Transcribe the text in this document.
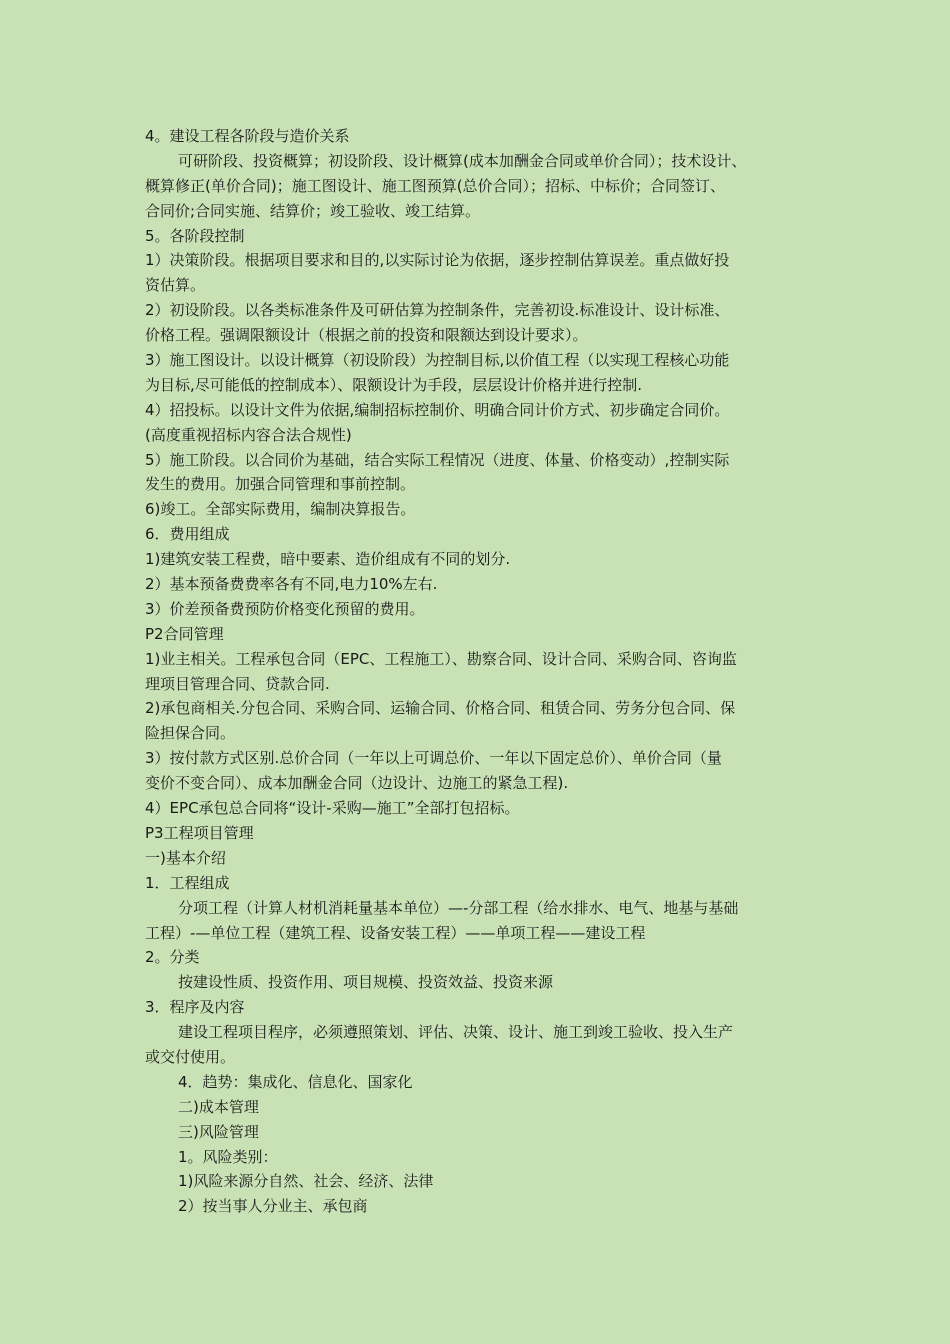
4。建设工程各阶段与造价关系
可研阶段、投资概算；初设阶段、设计概算(成本加酬金合同或单价合同）；技术设计、
概算修正(单价合同)；施工图设计、施工图预算(总价合同）；招标、中标价；合同签订、
合同价;合同实施、结算价；竣工验收、竣工结算。
5。各阶段控制
1）决策阶段。根据项目要求和目的,以实际讨论为依据，逐步控制估算误差。重点做好投
资估算。
2）初设阶段。以各类标准条件及可研估算为控制条件，完善初设.标准设计、设计标准、
价格工程。强调限额设计（根据之前的投资和限额达到设计要求）。
3）施工图设计。以设计概算（初设阶段）为控制目标,以价值工程（以实现工程核心功能
为目标,尽可能低的控制成本）、限额设计为手段，层层设计价格并进行控制.
4）招投标。以设计文件为依据,编制招标控制价、明确合同计价方式、初步确定合同价。
(高度重视招标内容合法合规性)
5）施工阶段。以合同价为基础，结合实际工程情况（进度、体量、价格变动）,控制实际
发生的费用。加强合同管理和事前控制。
6)竣工。全部实际费用，编制决算报告。
6．费用组成
1)建筑安装工程费，暗中要素、造价组成有不同的划分.
2）基本预备费费率各有不同,电力10%左右.
3）价差预备费预防价格变化预留的费用。
P2合同管理
1)业主相关。工程承包合同（EPC、工程施工）、勘察合同、设计合同、采购合同、咨询监
理项目管理合同、贷款合同.
2)承包商相关.分包合同、采购合同、运输合同、价格合同、租赁合同、劳务分包合同、保
险担保合同。
3）按付款方式区别.总价合同（一年以上可调总价、一年以下固定总价）、单价合同（量
变价不变合同）、成本加酬金合同（边设计、边施工的紧急工程).
4）EPC承包总合同将“设计-采购—施工”全部打包招标。
P3工程项目管理
一)基本介绍
1．工程组成
分项工程（计算人材机消耗量基本单位）—-分部工程（给水排水、电气、地基与基础
工程）-—单位工程（建筑工程、设备安装工程）——单项工程——建设工程
2。分类
按建设性质、投资作用、项目规模、投资效益、投资来源
3．程序及内容
建设工程项目程序，必须遵照策划、评估、决策、设计、施工到竣工验收、投入生产
或交付使用。
4．趋势：集成化、信息化、国家化
二)成本管理
三)风险管理
1。风险类别：
1)风险来源分自然、社会、经济、法律
2）按当事人分业主、承包商
